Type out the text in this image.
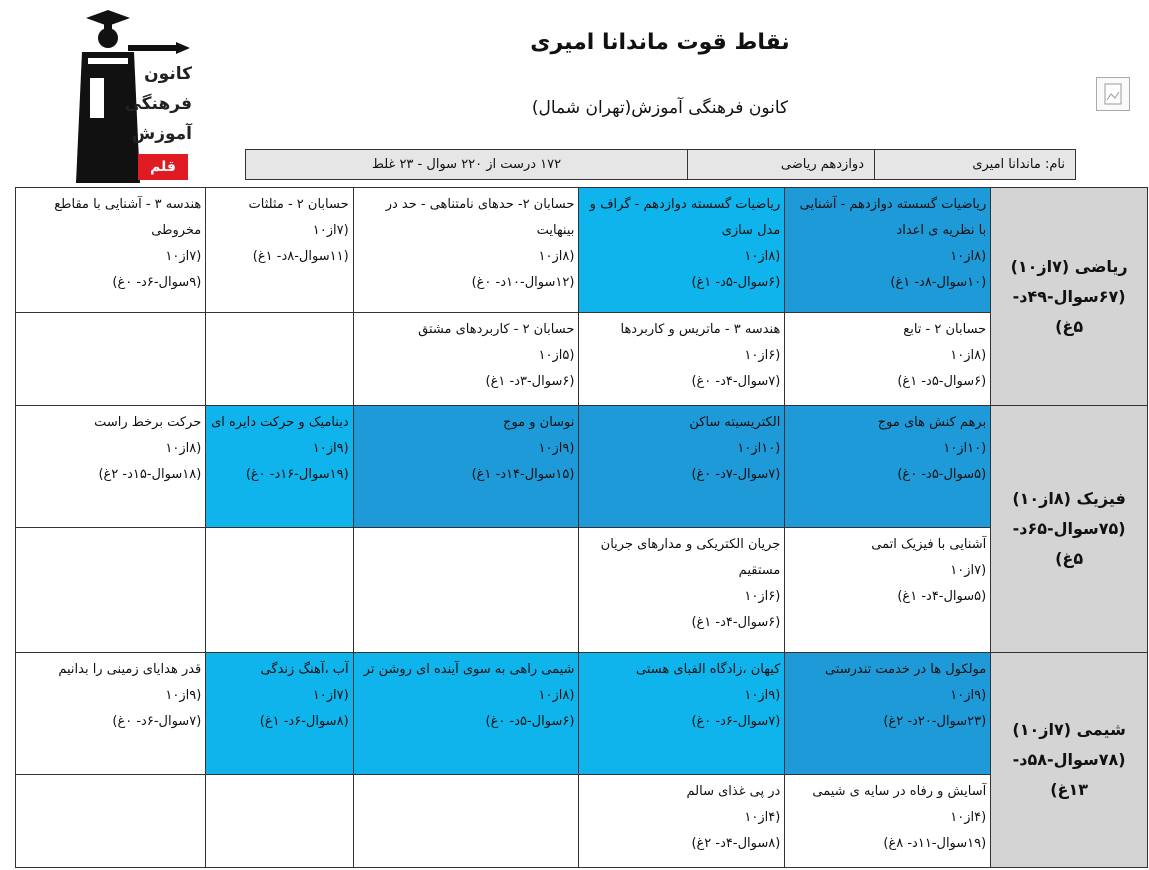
کانون
فرهنگی
آموزش
قلم چی
نقاط قوت ماندانا امیری
کانون فرهنگی آموزش(تهران شمال)
نام: ماندانا امیری	دوازدهم ریاضی	۱۷۲ درست از ۲۲۰ سوال - ۲۳ غلط
ریاضی (۷از۱۰) (۶۷سوال-۴۹د- ۵غ)	ریاضیات گسسته دوازدهم - آشنایی با نظریه ی اعداد
(۸از۱۰
(۱۰سوال-۸د- ۱غ)	ریاضیات گسسته دوازدهم - گراف و مدل سازی
(۸از۱۰
(۶سوال-۵د- ۱غ)	حسابان ۲- حدهای نامتناهی - حد در بینهایت
(۸از۱۰
(۱۲سوال-۱۰د- ۰غ)	حسابان ۲ - مثلثات
(۷از۱۰
(۱۱سوال-۸د- ۱غ)	هندسه ۳ - آشنایی با مقاطع مخروطی
(۷از۱۰
(۹سوال-۶د- ۰غ)

	حسابان ۲ - تابع
(۸از۱۰
(۶سوال-۵د- ۱غ)	هندسه ۳ - ماتریس و کاربردها
(۶از۱۰
(۷سوال-۴د- ۰غ)	حسابان ۲ - کاربردهای مشتق
(۵از۱۰
(۶سوال-۳د- ۱غ)		

فیزیک (۸از۱۰) (۷۵سوال-۶۵د- ۵غ)	برهم کنش های موج
(۱۰از۱۰
(۵سوال-۵د- ۰غ)	الکتریسیته ساکن
(۱۰از۱۰
(۷سوال-۷د- ۰غ)	نوسان و موج
(۹از۱۰
(۱۵سوال-۱۴د- ۱غ)	دینامیک و حرکت دایره ای
(۹از۱۰
(۱۹سوال-۱۶د- ۰غ)	حرکت برخط راست
(۸از۱۰
(۱۸سوال-۱۵د- ۲غ)

	آشنایی با فیزیک اتمی
(۷از۱۰
(۵سوال-۴د- ۱غ)	جریان الکتریکی و مدارهای جریان مستقیم
(۶از۱۰
(۶سوال-۴د- ۱غ)			

شیمی (۷از۱۰) (۷۸سوال-۵۸د- ۱۳غ)	مولکول ها در خدمت تندرستی
(۹از۱۰
(۲۳سوال-۲۰د- ۲غ)	کیهان ،زادگاه الفبای هستی
(۹از۱۰
(۷سوال-۶د- ۰غ)	شیمی راهی به سوی آینده ای روشن تر
(۸از۱۰
(۶سوال-۵د- ۰غ)	آب ،آهنگ زندگی
(۷از۱۰
(۸سوال-۶د- ۱غ)	قدر هدایای زمینی را بدانیم
(۹از۱۰
(۷سوال-۶د- ۰غ)

	آسایش و رفاه در سایه ی شیمی
(۴از۱۰
(۱۹سوال-۱۱د- ۸غ)	در پی غذای سالم
(۴از۱۰
(۸سوال-۴د- ۲غ)			
